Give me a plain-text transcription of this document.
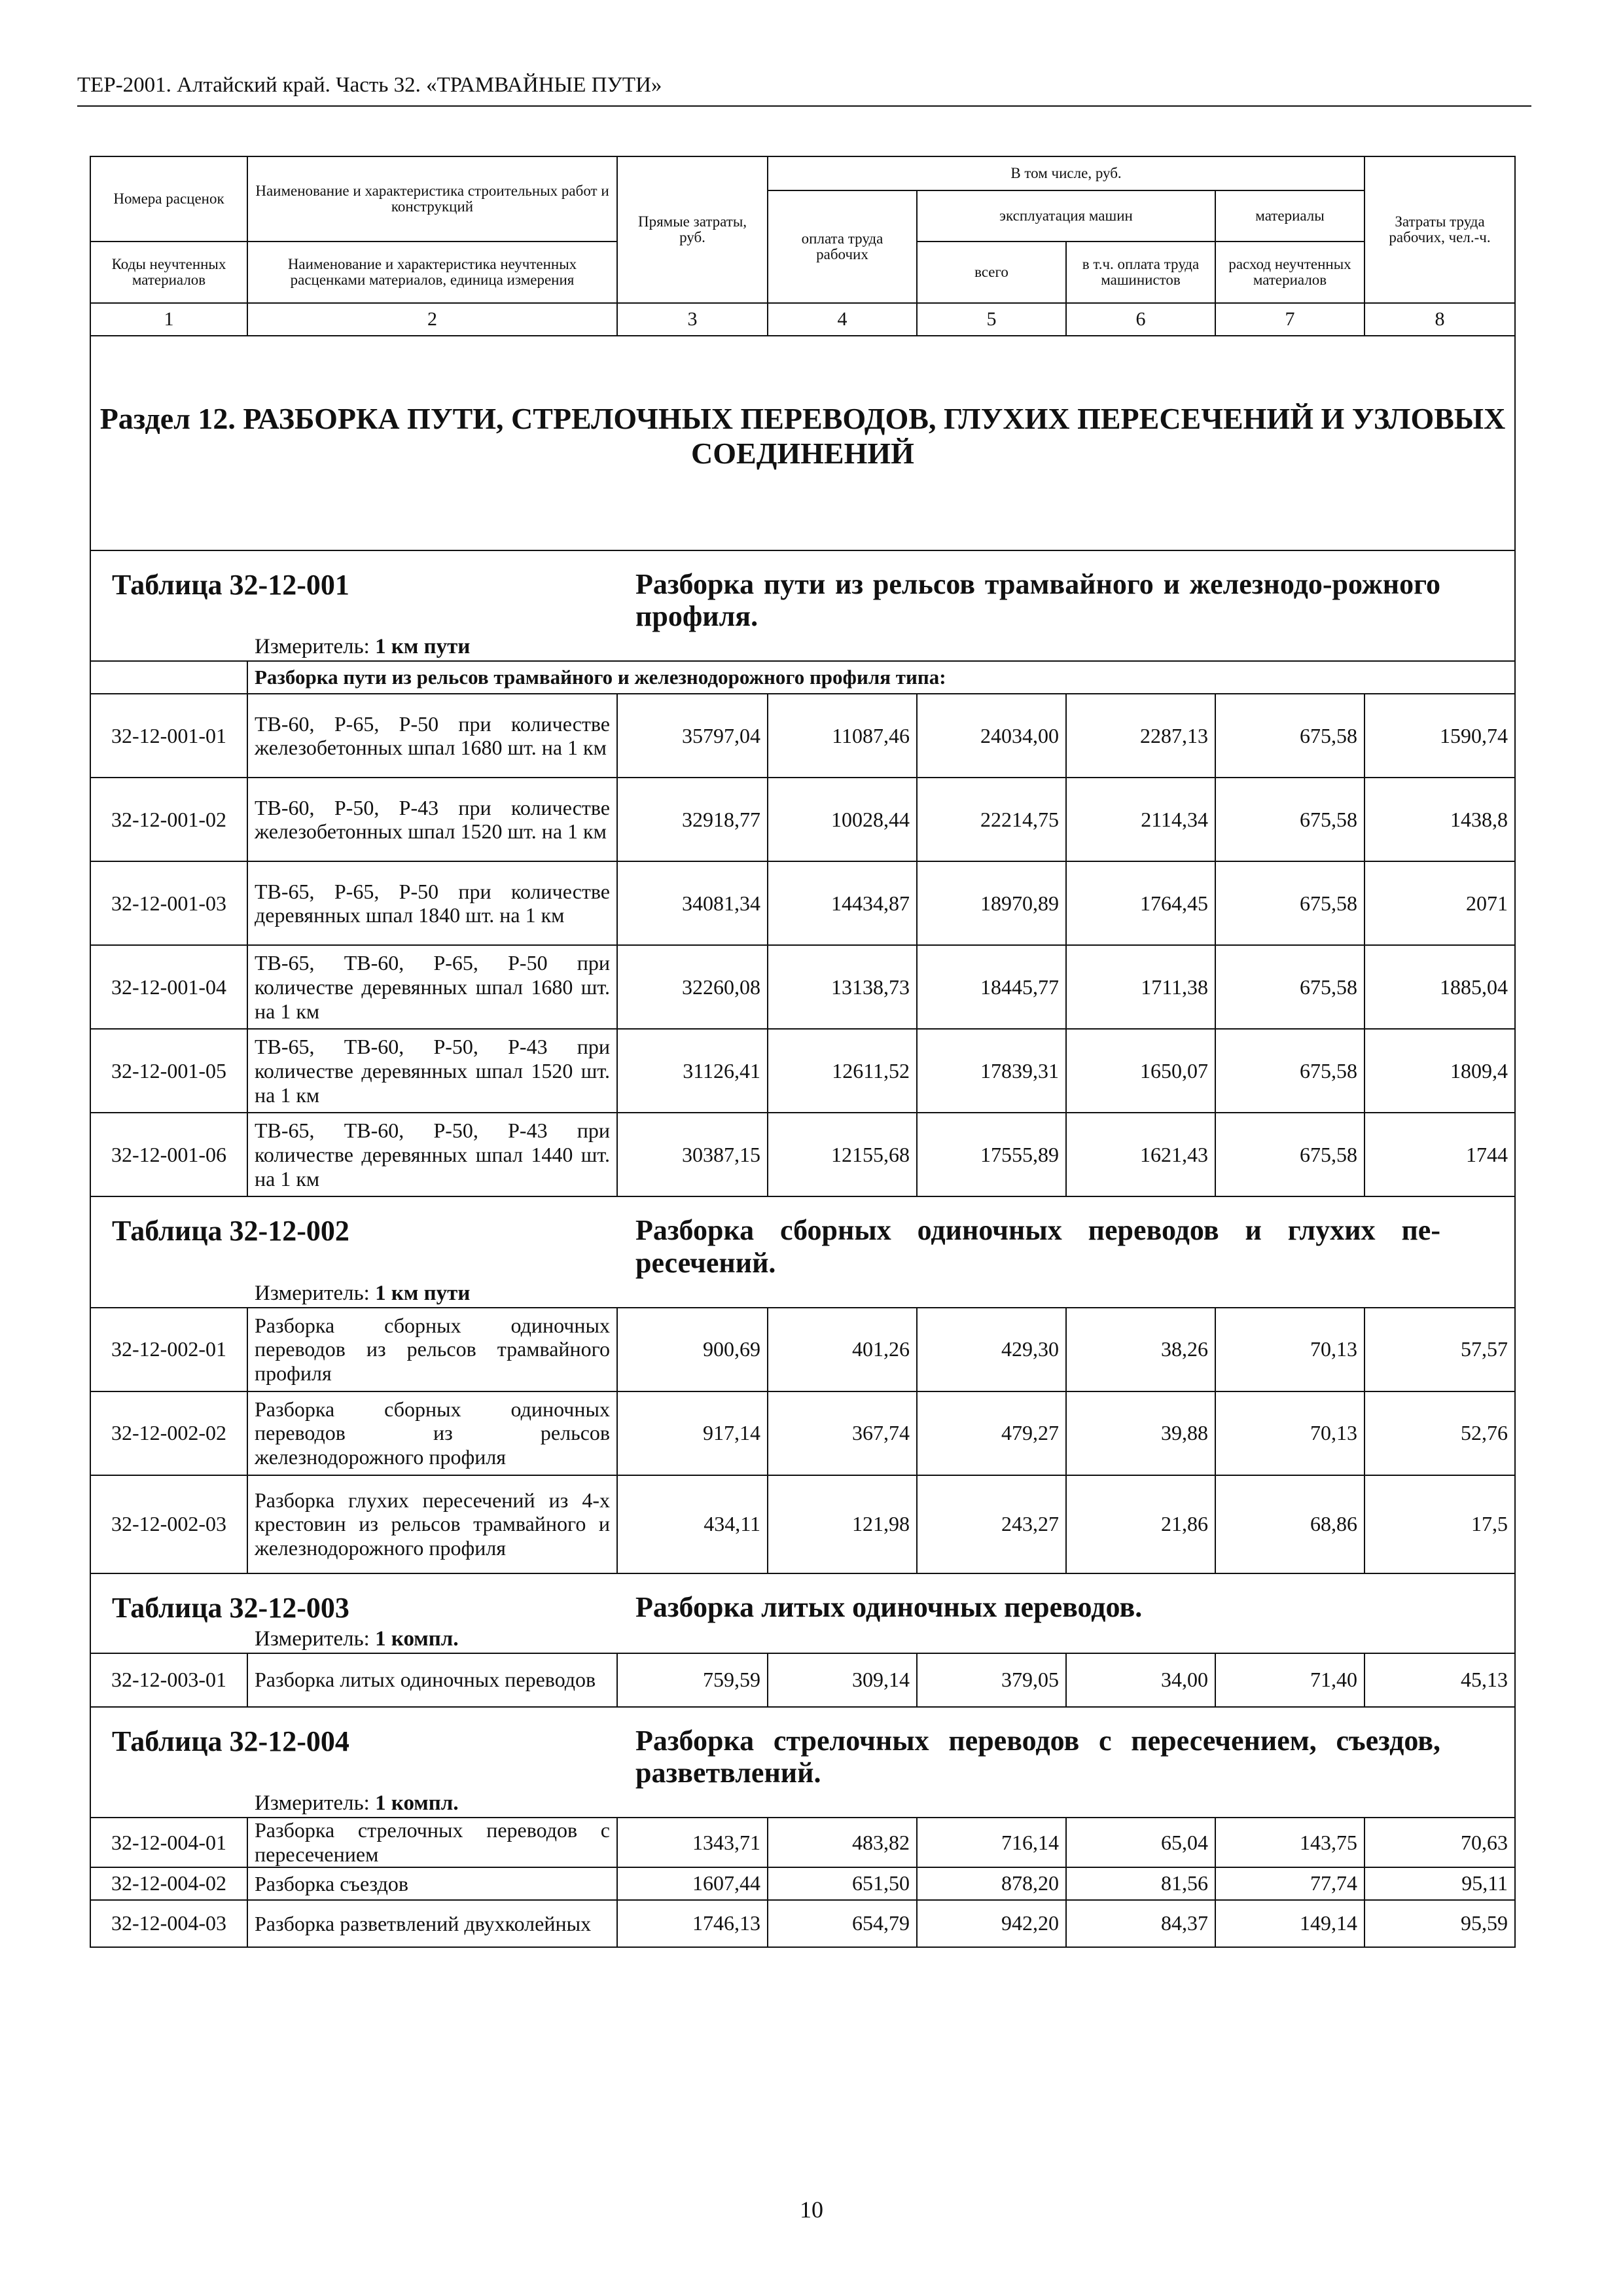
ТЕР-2001. Алтайский край. Часть 32. «ТРАМВАЙНЫЕ ПУТИ»
Номера расценок	Наименование и характеристика строительных работ и конструкций	Прямые затраты, руб.	В том числе, руб.				Затраты труда рабочих, чел.-ч.
			оплата труда рабочих	эксплуатация машин		материалы	
Коды неучтенных материалов	Наименование и характеристика неучтенных расценками материалов, единица измерения			всего	в т.ч. оплата труда машинистов	расход неучтенных материалов	

1	2	3	4	5	6	7	8
Раздел 12. РАЗБОРКА ПУТИ, СТРЕЛОЧНЫХ ПЕРЕВОДОВ, ГЛУХИХ ПЕРЕСЕЧЕНИЙ И УЗЛОВЫХ СОЕДИНЕНИЙ							
Таблица 32-12-001 Разборка пути из рельсов трамвайного и железнодо-рожного профиля.							
Измеритель: 1 км пути							
	Разборка пути из рельсов трамвайного и железнодорожного профиля типа:						
32-12-001-01	ТВ-60, Р-65, Р-50 при количестве железобетонных шпал 1680 шт. на 1 км	35797,04	11087,46	24034,00	2287,13	675,58	1590,74
32-12-001-02	ТВ-60, Р-50, Р-43 при количестве железобетонных шпал 1520 шт. на 1 км	32918,77	10028,44	22214,75	2114,34	675,58	1438,8
32-12-001-03	ТВ-65, Р-65, Р-50 при количестве деревянных шпал 1840 шт. на 1 км	34081,34	14434,87	18970,89	1764,45	675,58	2071
32-12-001-04	ТВ-65, ТВ-60, Р-65, Р-50 при количестве деревянных шпал 1680 шт. на 1 км	32260,08	13138,73	18445,77	1711,38	675,58	1885,04
32-12-001-05	ТВ-65, ТВ-60, Р-50, Р-43 при количестве деревянных шпал 1520 шт. на 1 км	31126,41	12611,52	17839,31	1650,07	675,58	1809,4
32-12-001-06	ТВ-65, ТВ-60, Р-50, Р-43 при количестве деревянных шпал 1440 шт. на 1 км	30387,15	12155,68	17555,89	1621,43	675,58	1744
Таблица 32-12-002 Разборка сборных одиночных переводов и глухих пе-ресечений.							
Измеритель: 1 км пути							
32-12-002-01	Разборка сборных одиночных переводов из рельсов трамвайного профиля	900,69	401,26	429,30	38,26	70,13	57,57
32-12-002-02	Разборка сборных одиночных переводов из рельсов железнодорожного профиля	917,14	367,74	479,27	39,88	70,13	52,76
32-12-002-03	Разборка глухих пересечений из 4-х крестовин из рельсов трамвайного и железнодорожного профиля	434,11	121,98	243,27	21,86	68,86	17,5
Таблица 32-12-003 Разборка литых одиночных переводов.							
Измеритель: 1 компл.							
32-12-003-01	Разборка литых одиночных переводов	759,59	309,14	379,05	34,00	71,40	45,13
Таблица 32-12-004 Разборка стрелочных переводов с пересечением, съездов, разветвлений.							
Измеритель: 1 компл.							
32-12-004-01	Разборка стрелочных переводов с пересечением	1343,71	483,82	716,14	65,04	143,75	70,63
32-12-004-02	Разборка съездов	1607,44	651,50	878,20	81,56	77,74	95,11
32-12-004-03	Разборка разветвлений двухколейных	1746,13	654,79	942,20	84,37	149,14	95,59
10
